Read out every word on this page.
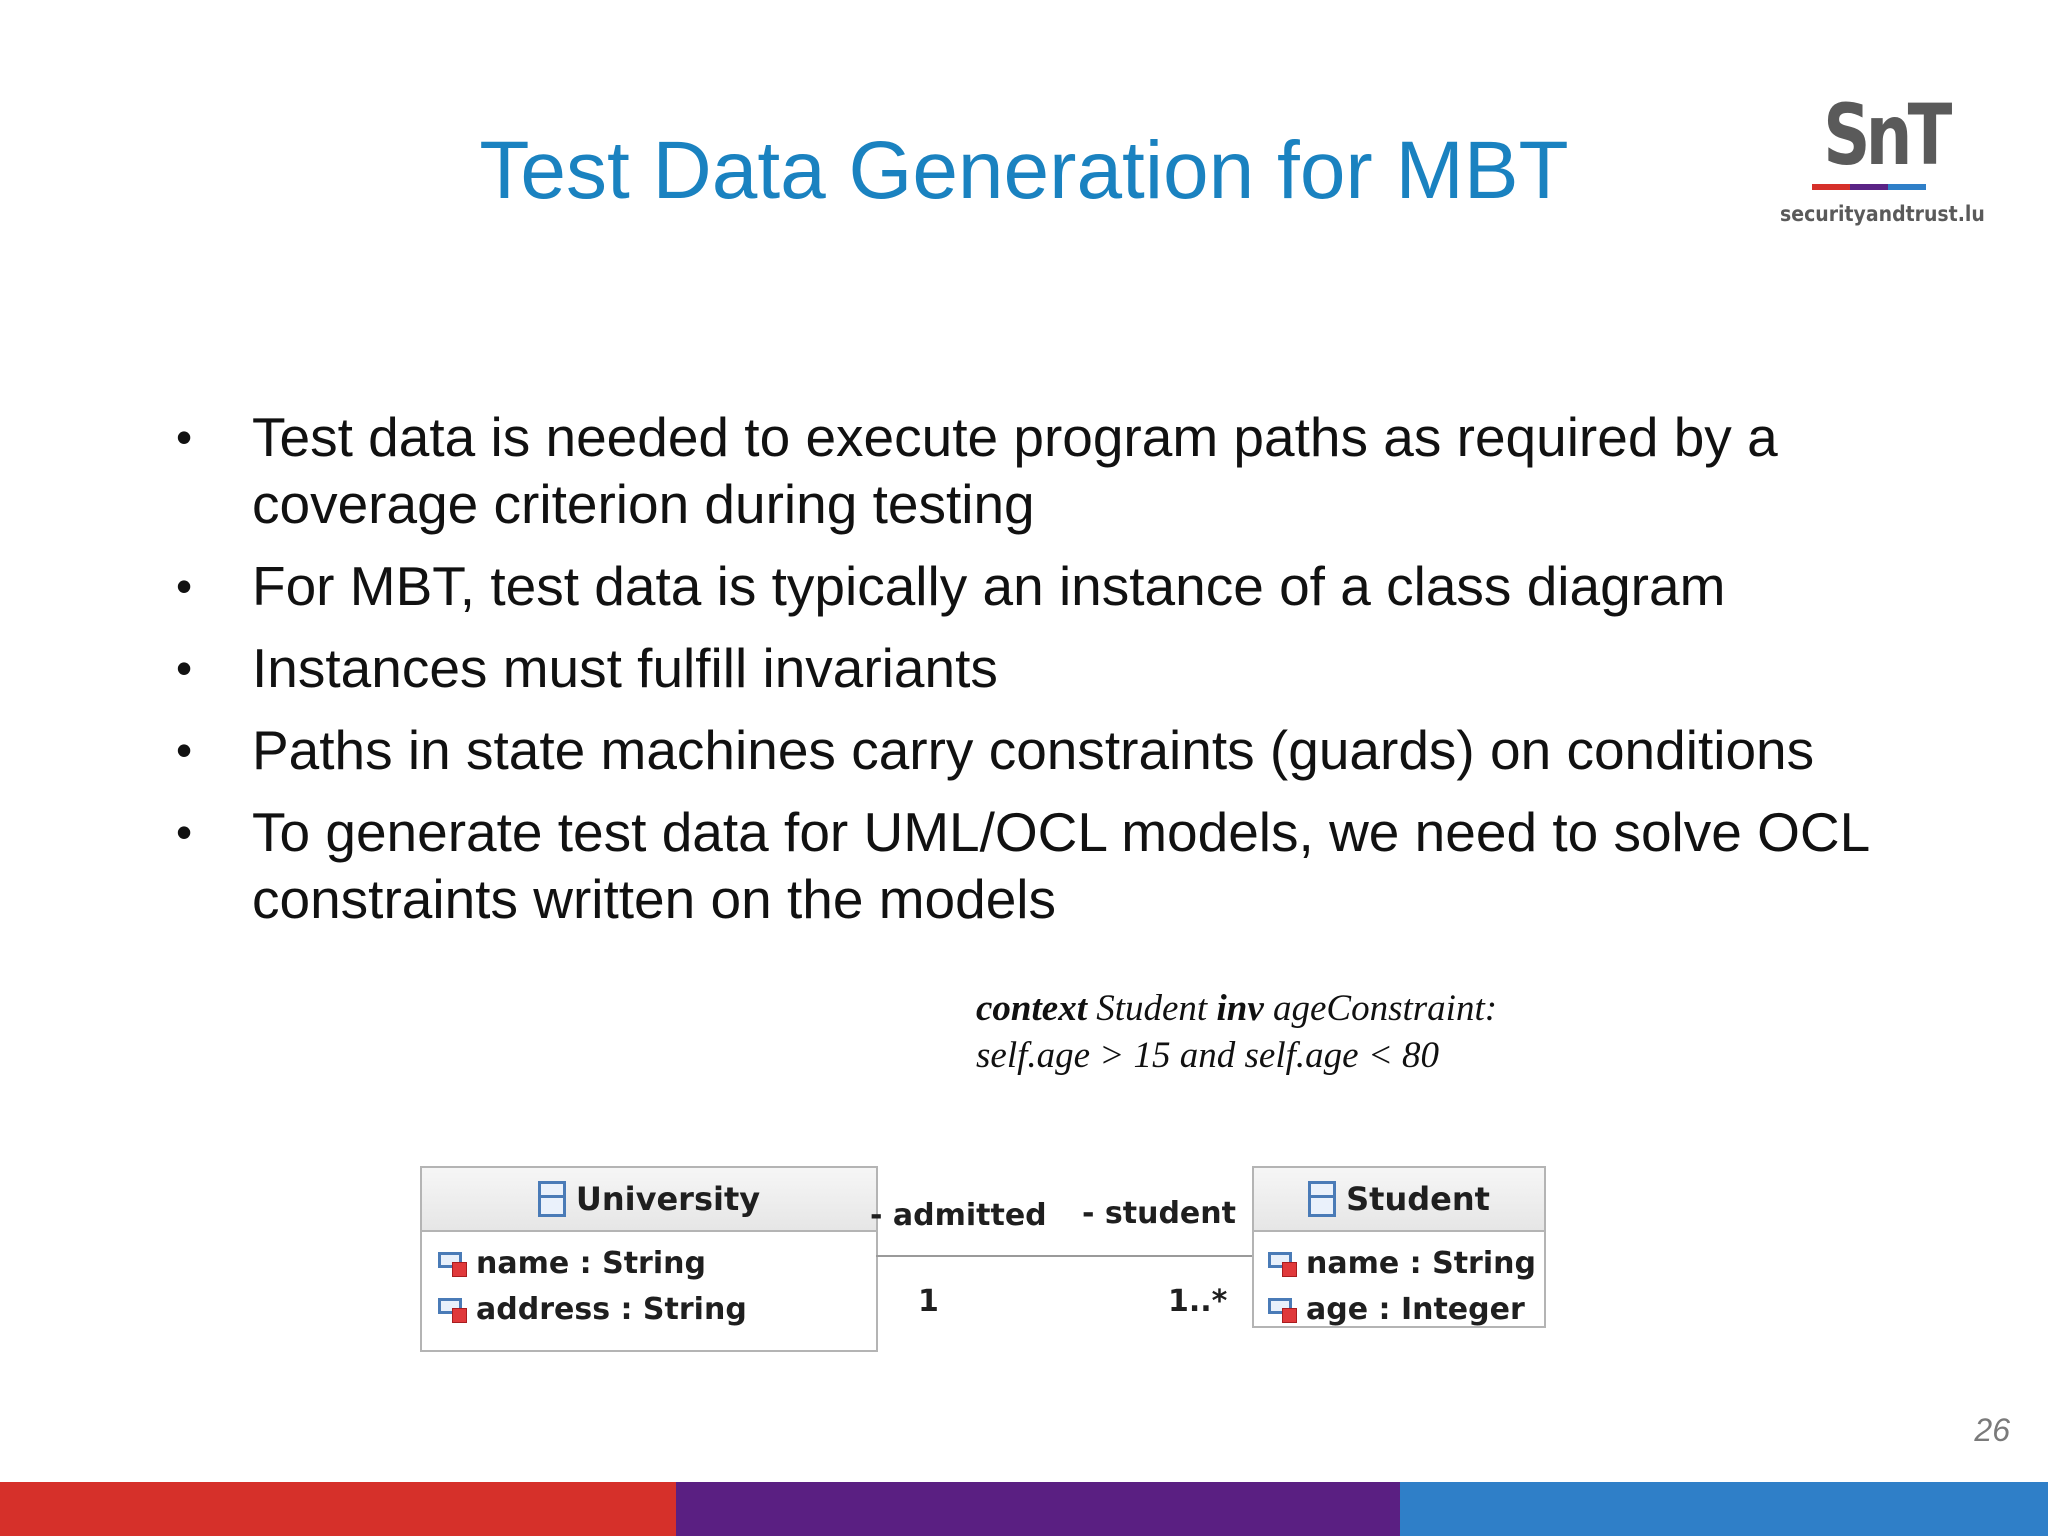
Test Data Generation for MBT	SnT
securityandtrust.lu
• Test data is needed to execute program paths as required by a coverage criterion during testing
• For MBT, test data is typically an instance of a class diagram
• Instances must fulfill invariants
• Paths in state machines carry constraints (guards) on conditions
• To generate test data for UML/OCL models, we need to solve OCL constraints written on the models
context Student inv ageConstraint:
self.age > 15 and self.age < 80
University
name : String
address : String
- admitted - student
1	1..*
Student
name : String
age : Integer
26
